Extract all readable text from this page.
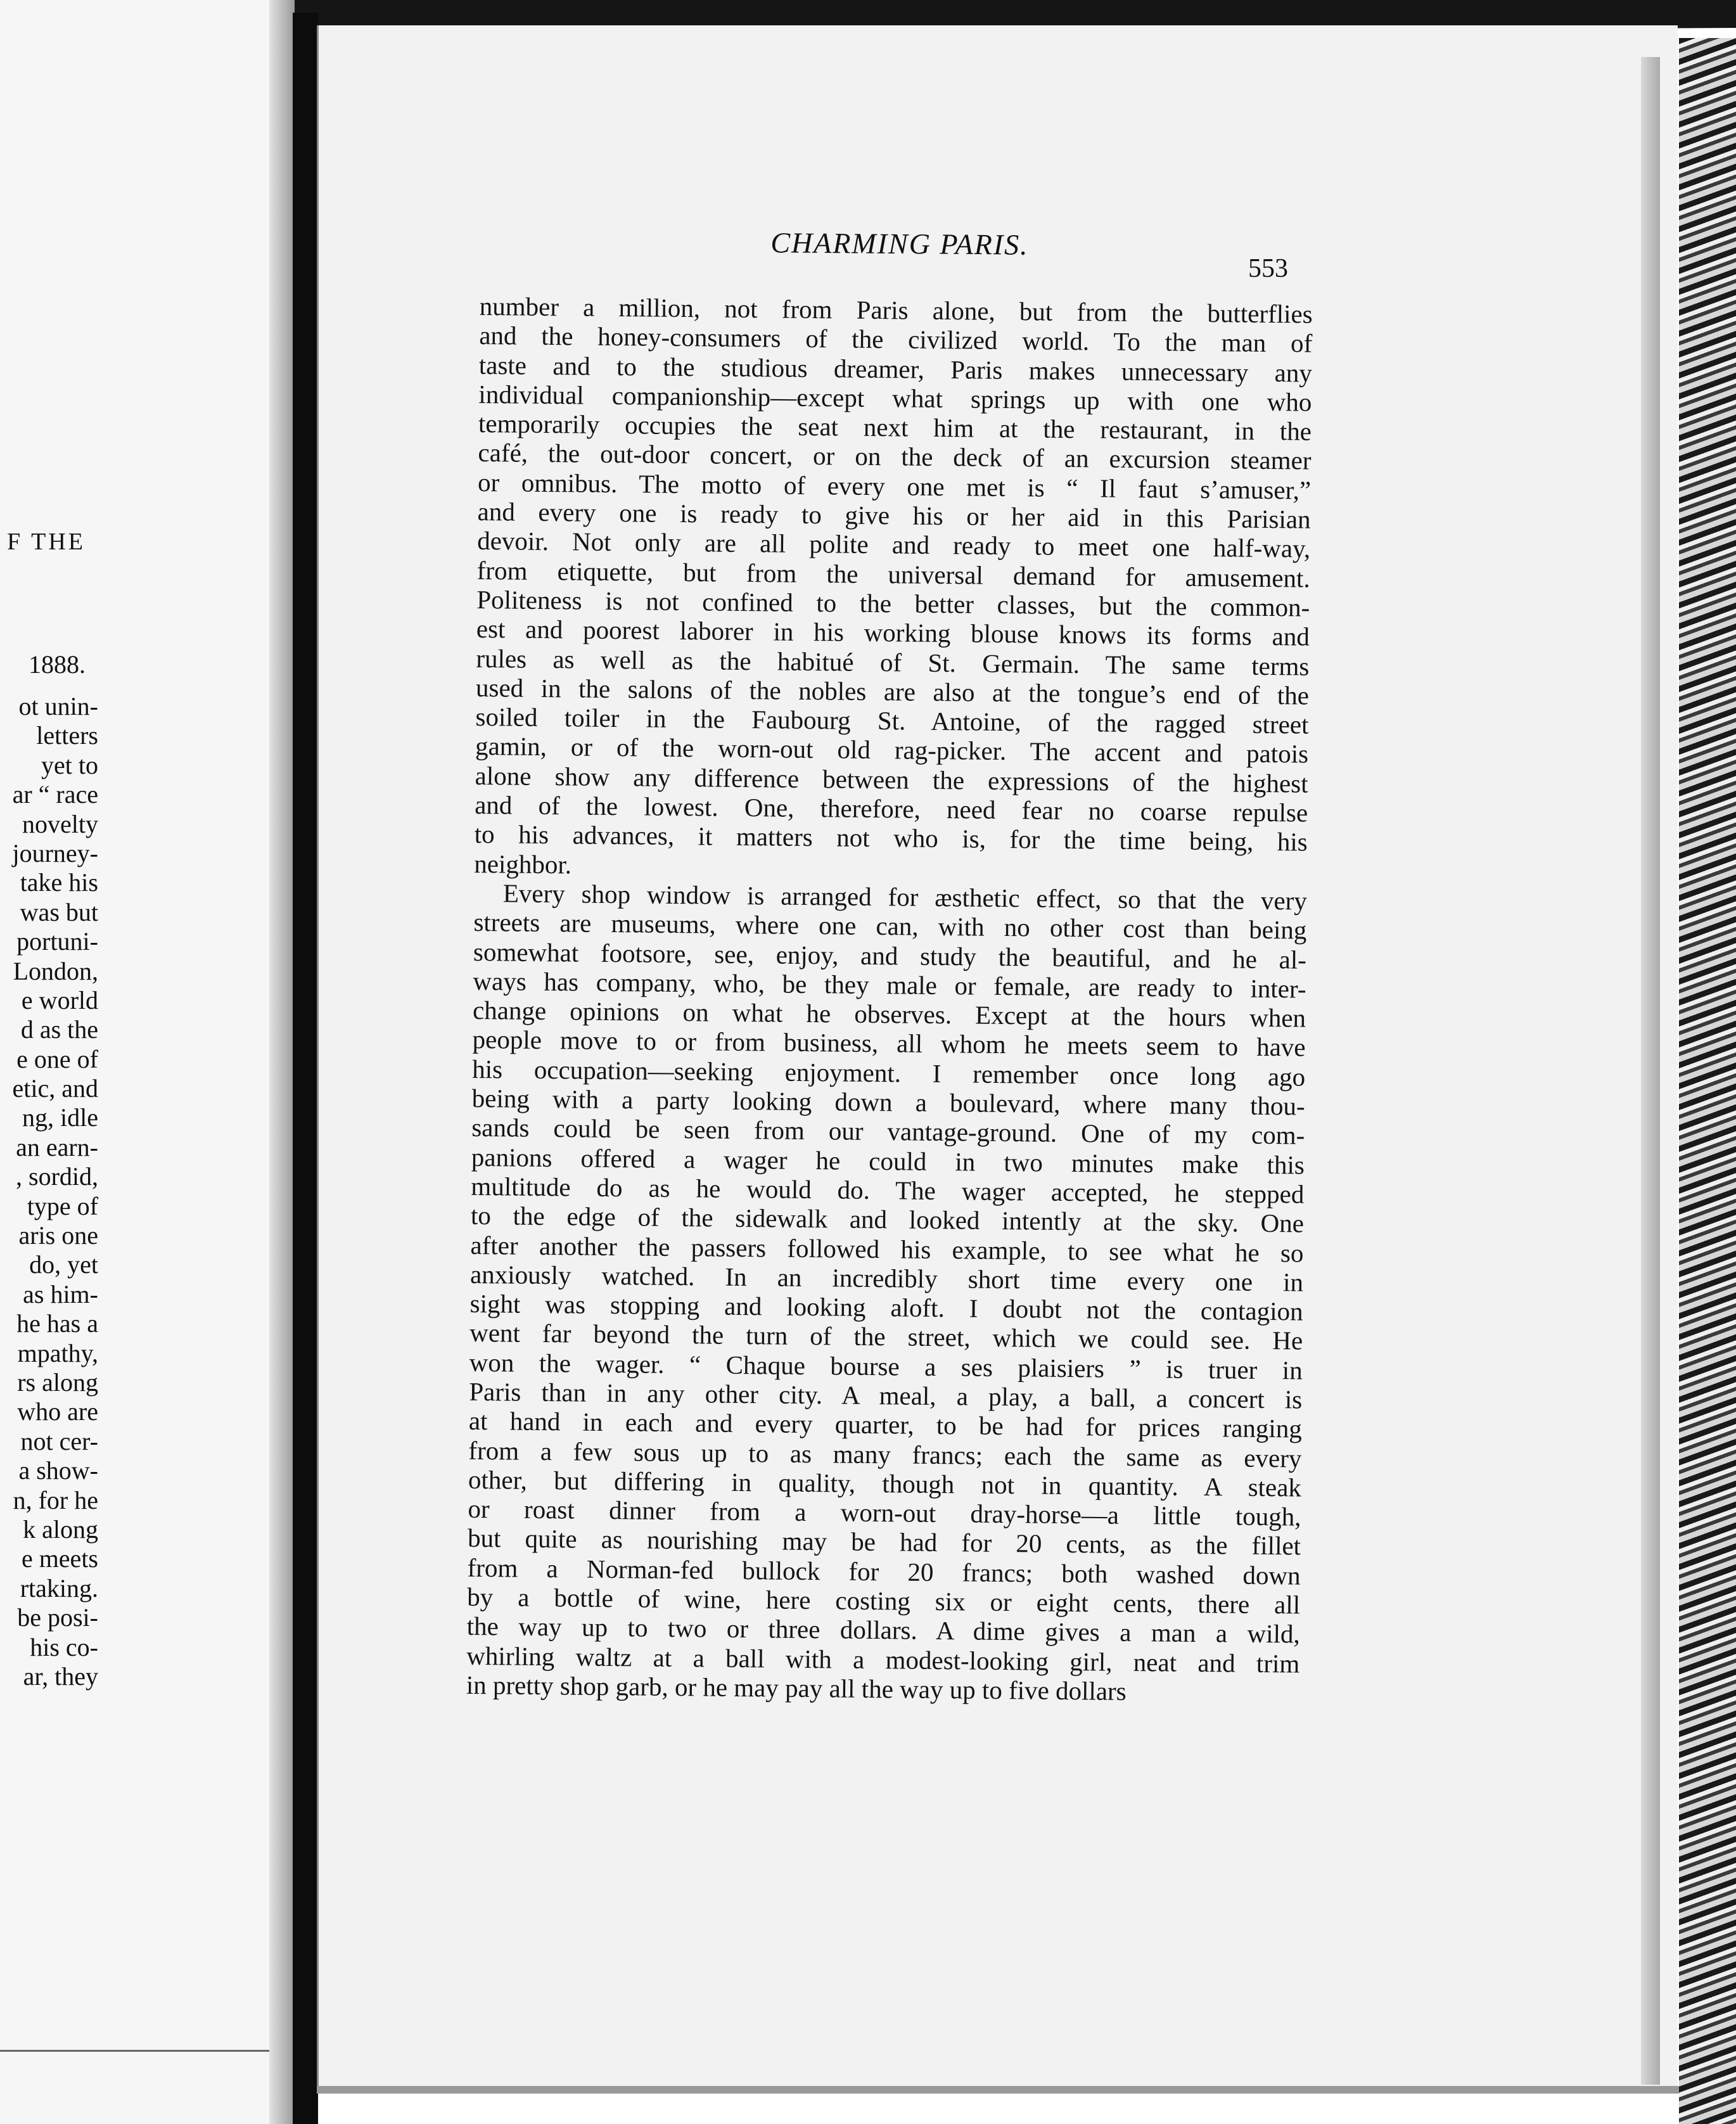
F THE
1888.
ot unin-
letters
yet to
ar “ race
novelty
journey-
take his
was but
portuni-
London,
e world
d as the
e one of
etic, and
ng, idle
an earn-
, sordid,
type of
aris one
do, yet
as him-
he has a
mpathy,
rs along
who are
not cer-
a show-
n, for he
k along
e meets
rtaking.
be posi-
his co-
ar, they
CHARMING PARIS.
553
number a million, not from Paris alone, but from the butterflies
and the honey-consumers of the civilized world. To the man of
taste and to the studious dreamer, Paris makes unnecessary any
individual companionship—except what springs up with one who
temporarily occupies the seat next him at the restaurant, in the
café, the out-door concert, or on the deck of an excursion steamer
or omnibus. The motto of every one met is “ Il faut s’amuser,”
and every one is ready to give his or her aid in this Parisian
devoir. Not only are all polite and ready to meet one half-way,
from etiquette, but from the universal demand for amusement.
Politeness is not confined to the better classes, but the common-
est and poorest laborer in his working blouse knows its forms and
rules as well as the habitué of St. Germain. The same terms
used in the salons of the nobles are also at the tongue’s end of the
soiled toiler in the Faubourg St. Antoine, of the ragged street
gamin, or of the worn-out old rag-picker. The accent and patois
alone show any difference between the expressions of the highest
and of the lowest. One, therefore, need fear no coarse repulse
to his advances, it matters not who is, for the time being, his
neighbor.
Every shop window is arranged for æsthetic effect, so that the very
streets are museums, where one can, with no other cost than being
somewhat footsore, see, enjoy, and study the beautiful, and he al-
ways has company, who, be they male or female, are ready to inter-
change opinions on what he observes. Except at the hours when
people move to or from business, all whom he meets seem to have
his occupation—seeking enjoyment. I remember once long ago
being with a party looking down a boulevard, where many thou-
sands could be seen from our vantage-ground. One of my com-
panions offered a wager he could in two minutes make this
multitude do as he would do. The wager accepted, he stepped
to the edge of the sidewalk and looked intently at the sky. One
after another the passers followed his example, to see what he so
anxiously watched. In an incredibly short time every one in
sight was stopping and looking aloft. I doubt not the contagion
went far beyond the turn of the street, which we could see. He
won the wager. “ Chaque bourse a ses plaisiers ” is truer in
Paris than in any other city. A meal, a play, a ball, a concert is
at hand in each and every quarter, to be had for prices ranging
from a few sous up to as many francs; each the same as every
other, but differing in quality, though not in quantity. A steak
or roast dinner from a worn-out dray-horse—a little tough,
but quite as nourishing may be had for 20 cents, as the fillet
from a Norman-fed bullock for 20 francs; both washed down
by a bottle of wine, here costing six or eight cents, there all
the way up to two or three dollars. A dime gives a man a wild,
whirling waltz at a ball with a modest-looking girl, neat and trim
in pretty shop garb, or he may pay all the way up to five dollars
